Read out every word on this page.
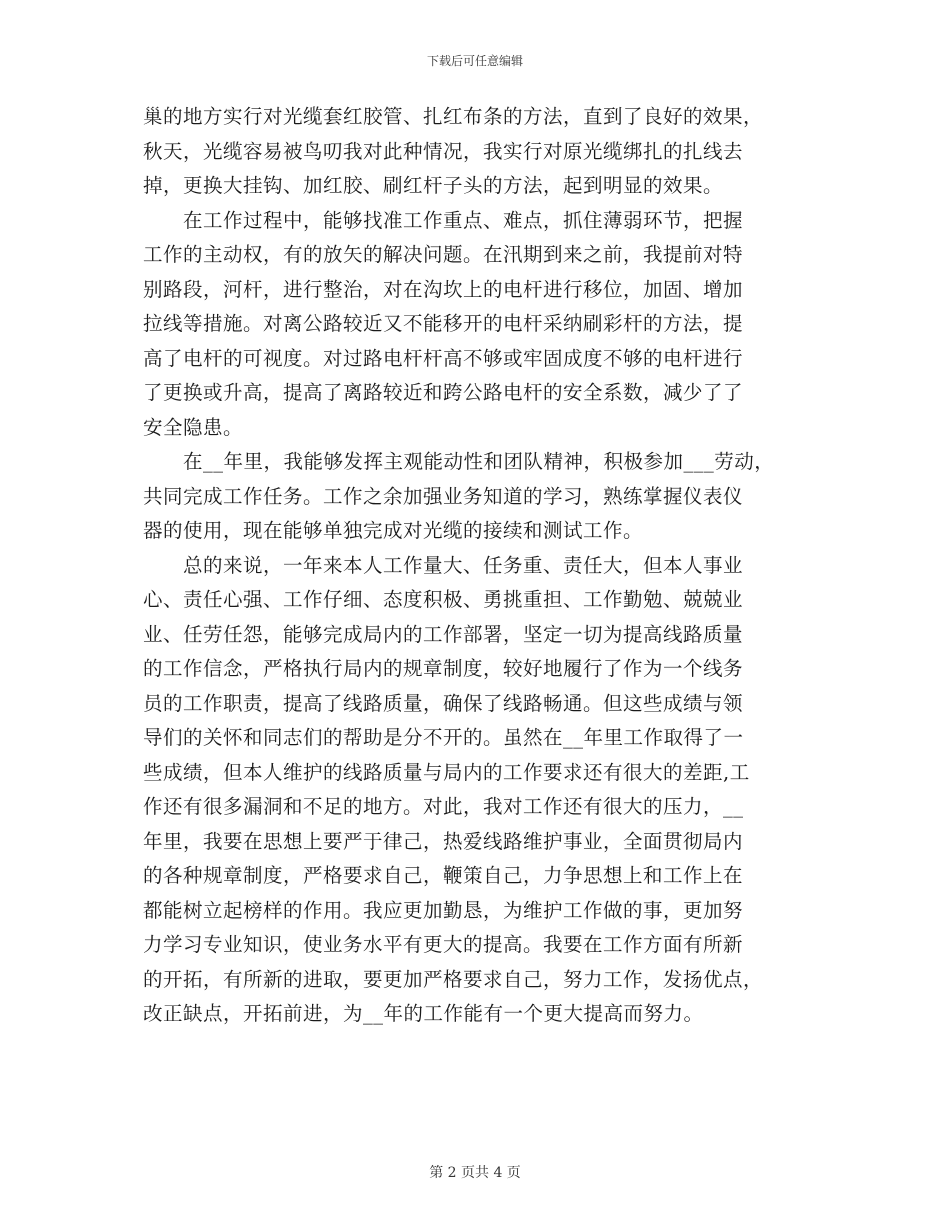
下载后可任意编辑
巢的地方实行对光缆套红胶管、扎红布条的方法，直到了良好的效果，
秋天，光缆容易被鸟叨我对此种情况，我实行对原光缆绑扎的扎线去
掉，更换大挂钩、加红胶、刷红杆子头的方法，起到明显的效果。
在工作过程中，能够找准工作重点、难点，抓住薄弱环节，把握
工作的主动权，有的放矢的解决问题。在汛期到来之前，我提前对特
别路段，河杆，进行整治，对在沟坎上的电杆进行移位，加固、增加
拉线等措施。对离公路较近又不能移开的电杆采纳刷彩杆的方法，提
高了电杆的可视度。对过路电杆杆高不够或牢固成度不够的电杆进行
了更换或升高，提高了离路较近和跨公路电杆的安全系数，减少了了
安全隐患。
在__年里，我能够发挥主观能动性和团队精神，积极参加___劳动，
共同完成工作任务。工作之余加强业务知道的学习，熟练掌握仪表仪
器的使用，现在能够单独完成对光缆的接续和测试工作。
总的来说，一年来本人工作量大、任务重、责任大，但本人事业
心、责任心强、工作仔细、态度积极、勇挑重担、工作勤勉、兢兢业
业、任劳任怨，能够完成局内的工作部署，坚定一切为提高线路质量
的工作信念，严格执行局内的规章制度，较好地履行了作为一个线务
员的工作职责，提高了线路质量，确保了线路畅通。但这些成绩与领
导们的关怀和同志们的帮助是分不开的。虽然在__年里工作取得了一
些成绩，但本人维护的线路质量与局内的工作要求还有很大的差距,工
作还有很多漏洞和不足的地方。对此，我对工作还有很大的压力，__
年里，我要在思想上要严于律己，热爱线路维护事业，全面贯彻局内
的各种规章制度，严格要求自己，鞭策自己，力争思想上和工作上在
都能树立起榜样的作用。我应更加勤恳，为维护工作做的事，更加努
力学习专业知识，使业务水平有更大的提高。我要在工作方面有所新
的开拓，有所新的进取，要更加严格要求自己，努力工作，发扬优点，
改正缺点，开拓前进，为__年的工作能有一个更大提高而努力。
第 2 页共 4 页
